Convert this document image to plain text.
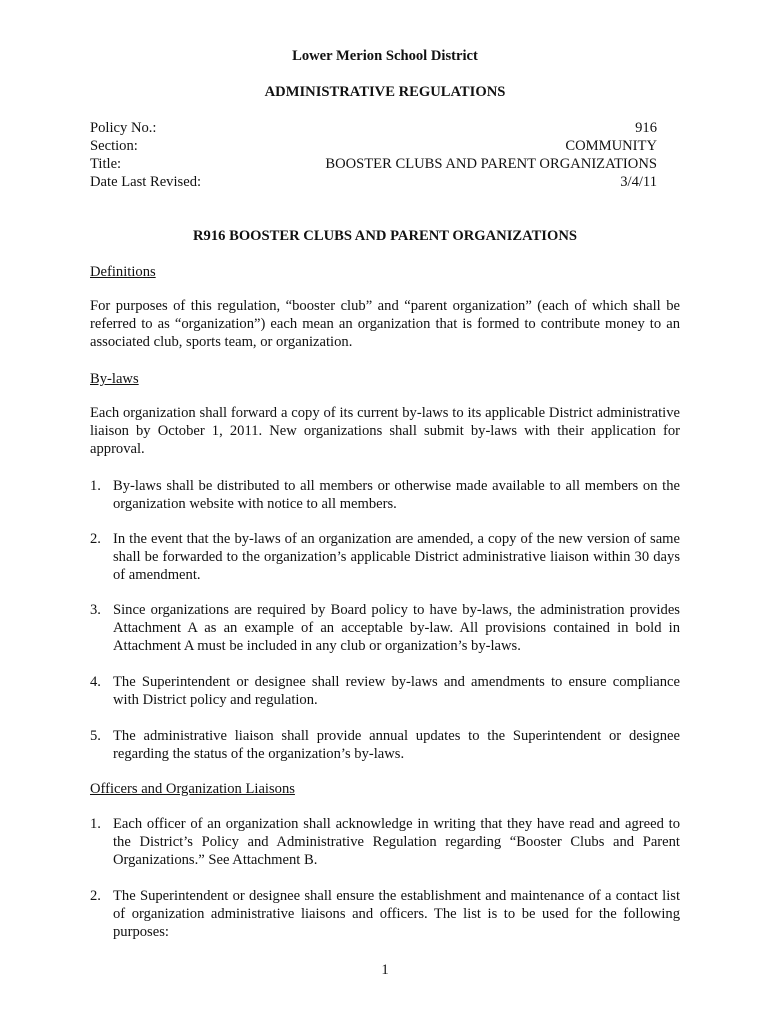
Lower Merion School District
ADMINISTRATIVE REGULATIONS
Policy No.:	916
Section:	COMMUNITY
Title:	BOOSTER CLUBS AND PARENT ORGANIZATIONS
Date Last Revised:	3/4/11
R916 BOOSTER CLUBS AND PARENT ORGANIZATIONS
Definitions
For purposes of this regulation, “booster club” and “parent organization” (each of which shall be referred to as “organization”) each mean an organization that is formed to contribute money to an associated club, sports team, or organization.
By-laws
Each organization shall forward a copy of its current by-laws to its applicable District administrative liaison by October 1, 2011. New organizations shall submit by-laws with their application for approval.
1. By-laws shall be distributed to all members or otherwise made available to all members on the organization website with notice to all members.
2. In the event that the by-laws of an organization are amended, a copy of the new version of same shall be forwarded to the organization’s applicable District administrative liaison within 30 days of amendment.
3. Since organizations are required by Board policy to have by-laws, the administration provides Attachment A as an example of an acceptable by-law. All provisions contained in bold in Attachment A must be included in any club or organization’s by-laws.
4. The Superintendent or designee shall review by-laws and amendments to ensure compliance with District policy and regulation.
5. The administrative liaison shall provide annual updates to the Superintendent or designee regarding the status of the organization’s by-laws.
Officers and Organization Liaisons
1. Each officer of an organization shall acknowledge in writing that they have read and agreed to the District’s Policy and Administrative Regulation regarding “Booster Clubs and Parent Organizations.” See Attachment B.
2. The Superintendent or designee shall ensure the establishment and maintenance of a contact list of organization administrative liaisons and officers. The list is to be used for the following purposes:
1
